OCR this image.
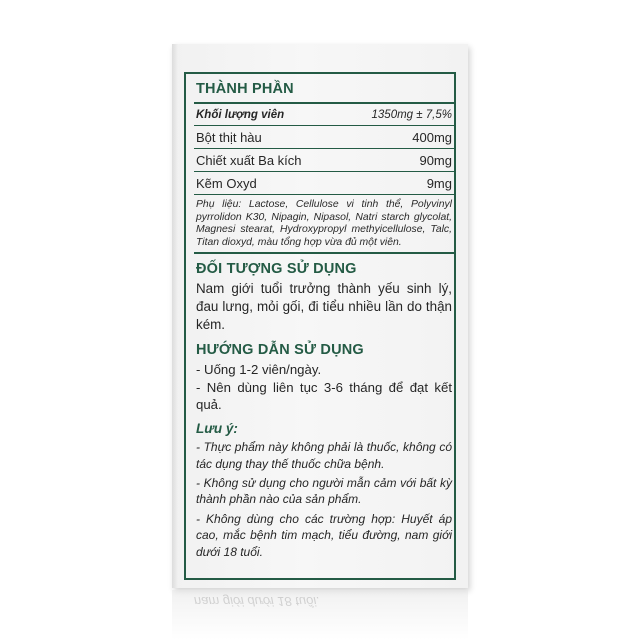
THÀNH PHẦN
Khối lượng viên	1350mg ± 7,5%
Bột thịt hàu	400mg
Chiết xuất Ba kích	90mg
Kẽm Oxyd	9mg
Phụ liệu: Lactose, Cellulose vi tinh thể, Polyvinyl pyrrolidon K30, Nipagin, Nipasol, Natri starch glycolat, Magnesi stearat, Hydroxypropyl methyicellulose, Talc, Titan dioxyd, màu tổng hợp vừa đủ một viên.
ĐỐI TƯỢNG SỬ DỤNG

Nam giới tuổi trưởng thành yếu sinh lý, đau lưng, mỏi gối, đi tiểu nhiều lần do thận kém.

HƯỚNG DẪN SỬ DỤNG
- Uống 1-2 viên/ngày.
- Nên dùng liên tục 3-6 tháng để đạt kết quả.
Lưu ý:
- Thực phẩm này không phải là thuốc, không có tác dụng thay thế thuốc chữa bệnh.
- Không sử dụng cho người mẫn cảm với bất kỳ thành phần nào của sản phẩm.
- Không dùng cho các trường hợp: Huyết áp cao, mắc bệnh tim mạch, tiểu đường, nam giới dưới 18 tuổi.
nam giới dưới 18 tuổi.
